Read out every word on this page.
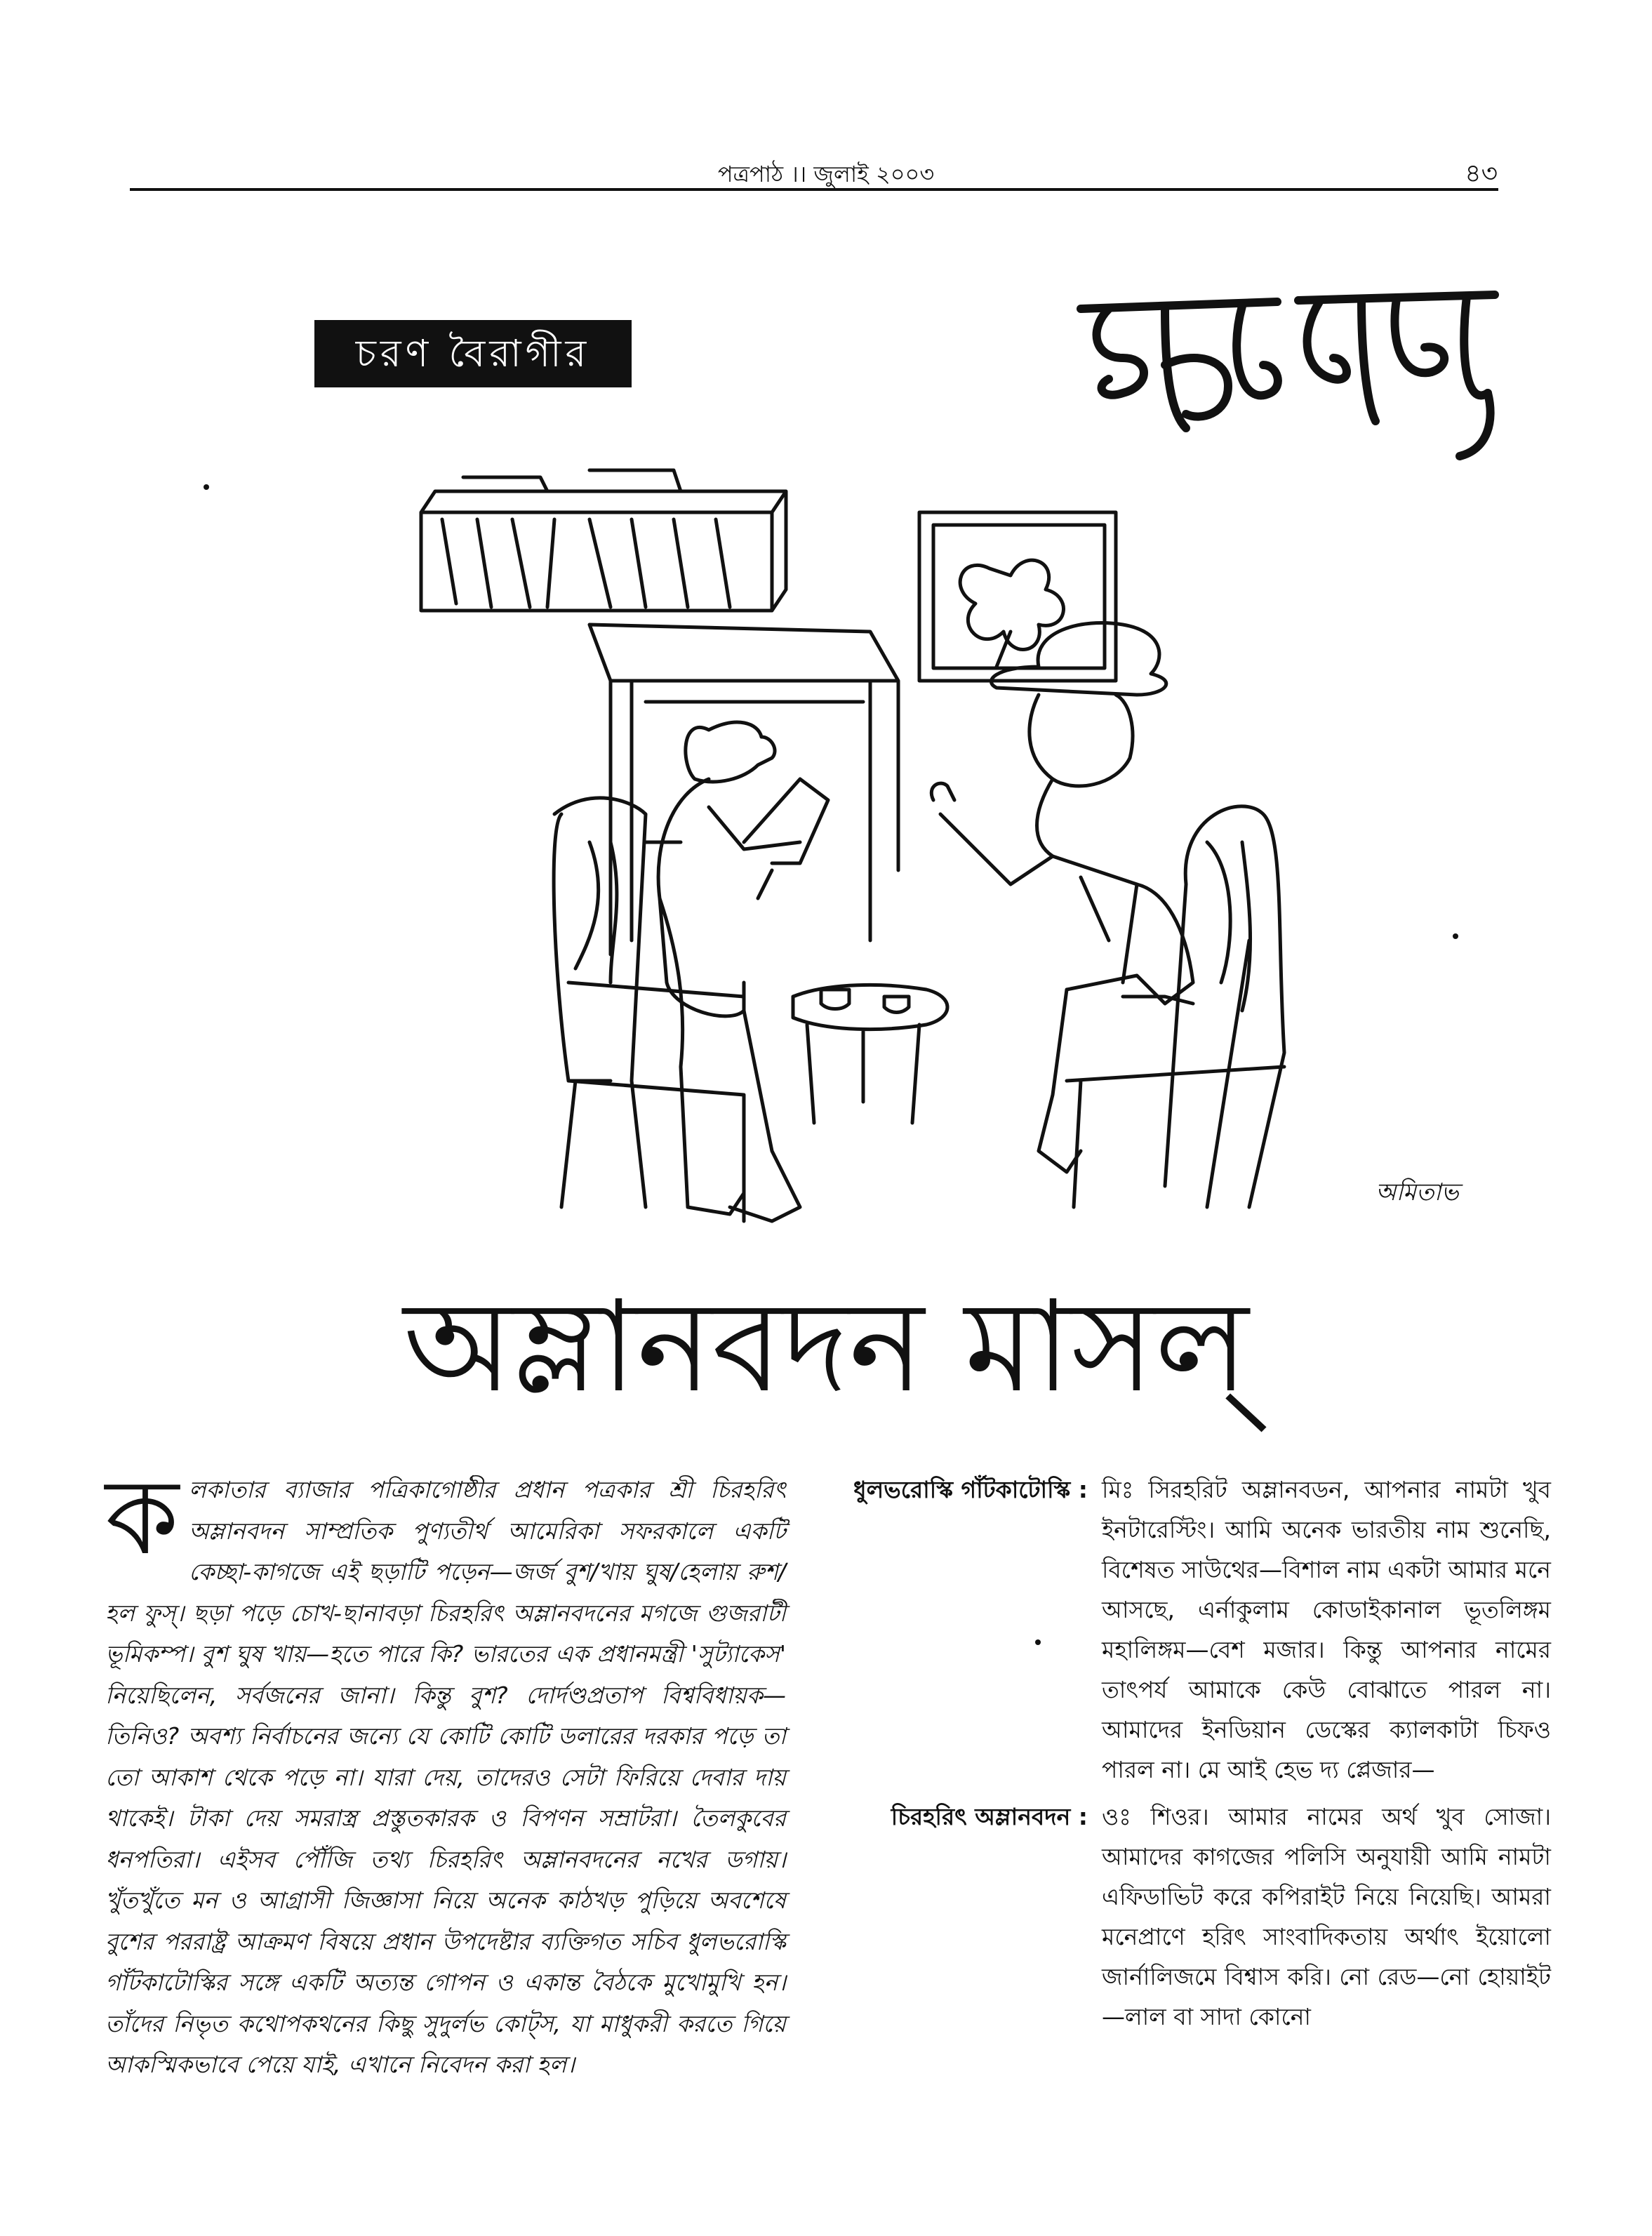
পত্রপাঠ ।। জুলাই ২০০৩	৪৩
চরণ বৈরাগীর
ইকড়ি মিকড়ি
অমিতাভ
অম্লানবদন মাসল্
ক লকাতার ব্যাজার পত্রিকাগোষ্ঠীর প্রধান পত্রকার শ্রী চিরহরিৎ অম্লানবদন সাম্প্রতিক পুণ্যতীর্থ আমেরিকা সফরকালে একটি কেচ্ছা-কাগজে এই ছড়াটি পড়েন—জর্জ বুশ/খায় ঘুষ/হেলায় রুশ/হল ফুস্। ছড়া পড়ে চোখ-ছানাবড়া চিরহরিৎ অম্লানবদনের মগজে গুজরাটী ভূমিকম্প। বুশ ঘুষ খায়—হতে পারে কি? ভারতের এক প্রধানমন্ত্রী 'সুট্যাকেস' নিয়েছিলেন, সর্বজনের জানা। কিন্তু বুশ? দোর্দণ্ডপ্রতাপ বিশ্ববিধায়ক—তিনিও? অবশ্য নির্বাচনের জন্যে যে কোটি কোটি ডলারের দরকার পড়ে তা তো আকাশ থেকে পড়ে না। যারা দেয়, তাদেরও সেটা ফিরিয়ে দেবার দায় থাকেই। টাকা দেয় সমরাস্ত্র প্রস্তুতকারক ও বিপণন সম্রাটরা। তৈলকুবের ধনপতিরা। এইসব পৌঁজি তথ্য চিরহরিৎ অম্লানবদনের নখের ডগায়। খুঁতখুঁতে মন ও আগ্রাসী জিজ্ঞাসা নিয়ে অনেক কাঠখড় পুড়িয়ে অবশেষে বুশের পররাষ্ট্র আক্রমণ বিষয়ে প্রধান উপদেষ্টার ব্যক্তিগত সচিব ধুলভরোস্কি গাঁটকাটোস্কির সঙ্গে একটি অত্যন্ত গোপন ও একান্ত বৈঠকে মুখোমুখি হন। তাঁদের নিভৃত কথোপকথনের কিছু সুদুর্লভ কোট্স, যা মাধুকরী করতে গিয়ে আকস্মিকভাবে পেয়ে যাই, এখানে নিবেদন করা হল।
ধুলভরোস্কি গাঁটকাটোস্কি : মিঃ সিরহরিট অম্লানবডন, আপনার নামটা খুব ইনটারেস্টিং। আমি অনেক ভারতীয় নাম শুনেছি, বিশেষত সাউথের—বিশাল নাম একটা আমার মনে আসছে, এর্নাকুলাম কোডাইকানাল ভূতলিঙ্গম মহালিঙ্গম—বেশ মজার। কিন্তু আপনার নামের তাৎপর্য আমাকে কেউ বোঝাতে পারল না। আমাদের ইনডিয়ান ডেস্কের ক্যালকাটা চিফও পারল না। মে আই হেভ দ্য প্লেজার—
চিরহরিৎ অম্লানবদন : ওঃ শিওর। আমার নামের অর্থ খুব সোজা। আমাদের কাগজের পলিসি অনুযায়ী আমি নামটা এফিডাভিট করে কপিরাইট নিয়ে নিয়েছি। আমরা মনেপ্রাণে হরিৎ সাংবাদিকতায় অর্থাৎ ইয়োলো জার্নালিজমে বিশ্বাস করি। নো রেড—নো হোয়াইট—লাল বা সাদা কোনো
